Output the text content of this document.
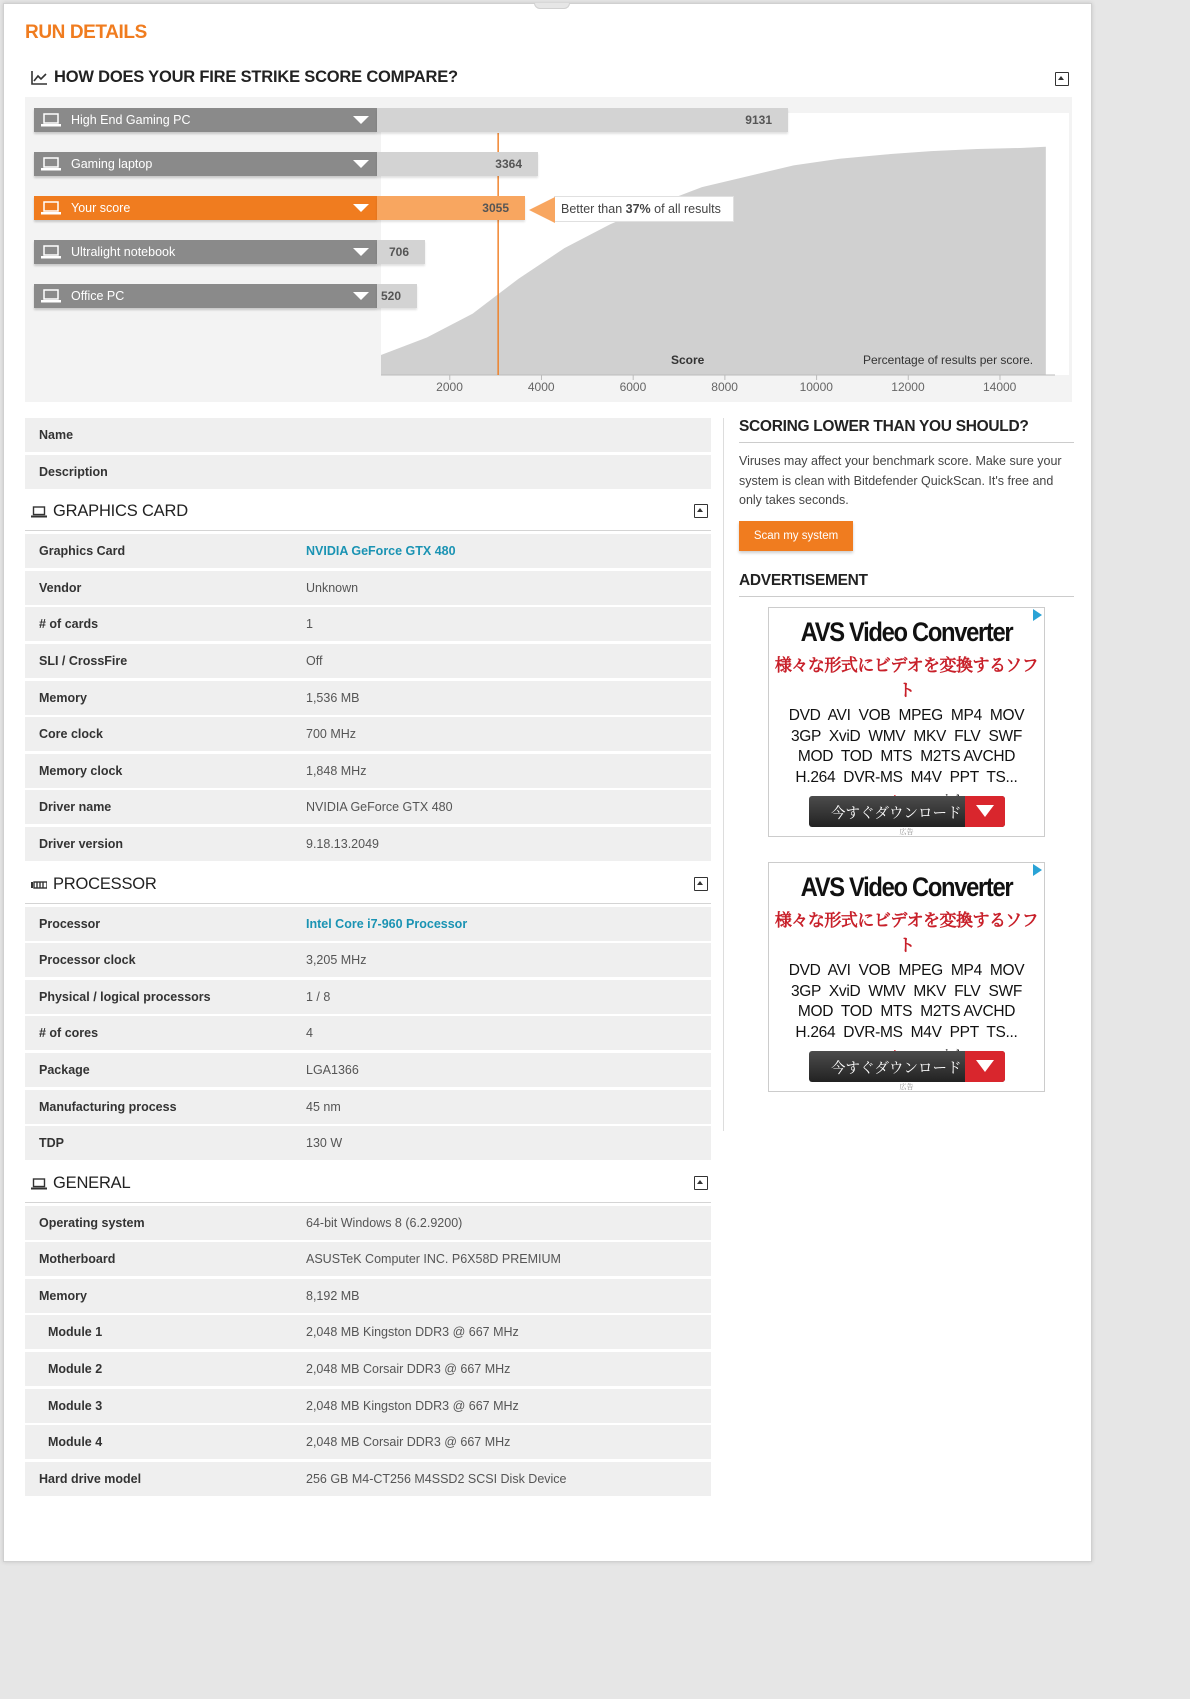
RUN DETAILS
HOW DOES YOUR FIRE STRIKE SCORE COMPARE?
High End Gaming PC	9131
Gaming laptop	3364
Your score	3055
Ultralight notebook	706
Office PC	520
Better than 37% of all results
Score	Percentage of results per score.
2000	4000	6000	8000	10000	12000	14000
Name
Description
GRAPHICS CARD
Graphics Card	NVIDIA GeForce GTX 480
Vendor	Unknown
# of cards	1
SLI / CrossFire	Off
Memory	1,536 MB
Core clock	700 MHz
Memory clock	1,848 MHz
Driver name	NVIDIA GeForce GTX 480
Driver version	9.18.13.2049
PROCESSOR
Processor	Intel Core i7-960 Processor
Processor clock	3,205 MHz
Physical / logical processors	1 / 8
# of cores	4
Package	LGA1366
Manufacturing process	45 nm
TDP	130 W
GENERAL
Operating system	64-bit Windows 8 (6.2.9200)
Motherboard	ASUSTeK Computer INC. P6X58D PREMIUM
Memory	8,192 MB
Module 1	2,048 MB Kingston DDR3 @ 667 MHz
Module 2	2,048 MB Corsair DDR3 @ 667 MHz
Module 3	2,048 MB Kingston DDR3 @ 667 MHz
Module 4	2,048 MB Corsair DDR3 @ 667 MHz
Hard drive model	256 GB M4-CT256 M4SSD2 SCSI Disk Device
SCORING LOWER THAN YOU SHOULD?

Viruses may affect your benchmark score. Make sure your system is clean with Bitdefender QuickScan. It's free and only takes seconds.

Scan my system
ADVERTISEMENT
AVS Video Converter
様々な形式にビデオを変換するソフト
DVD  AVI  VOB  MPEG  MP4  MOV
3GP  XviD  WMV  MKV  FLV  SWF
MOD  TOD  MTS  M2TS AVCHD
H.264  DVR-MS  M4V  PPT  TS...
今すぐダウンロード
広告
AVS Video Converter
様々な形式にビデオを変換するソフト
DVD  AVI  VOB  MPEG  MP4  MOV
3GP  XviD  WMV  MKV  FLV  SWF
MOD  TOD  MTS  M2TS AVCHD
H.264  DVR-MS  M4V  PPT  TS...
今すぐダウンロード
広告
